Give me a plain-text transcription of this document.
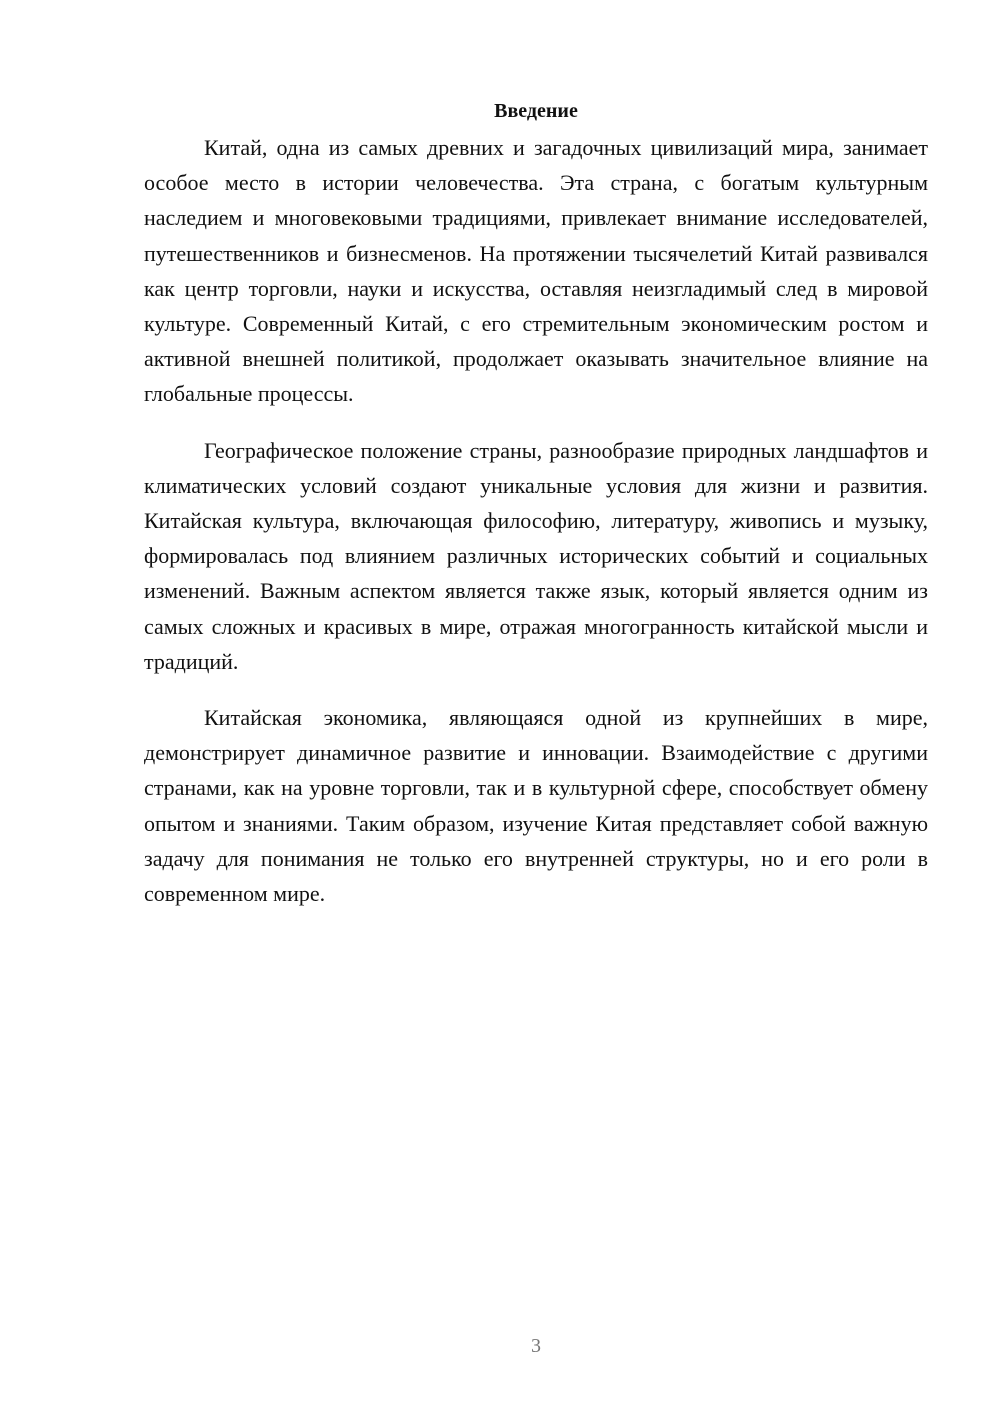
Введение

Китай, одна из самых древних и загадочных цивилизаций мира, занимает особое место в истории человечества. Эта страна, с богатым культурным наследием и многовековыми традициями, привлекает внимание исследователей, путешественников и бизнесменов. На протяжении тысячелетий Китай развивался как центр торговли, науки и искусства, оставляя неизгладимый след в мировой культуре. Современный Китай, с его стремительным экономическим ростом и активной внешней политикой, продолжает оказывать значительное влияние на глобальные процессы.

Географическое положение страны, разнообразие природных ландшафтов и климатических условий создают уникальные условия для жизни и развития. Китайская культура, включающая философию, литературу, живопись и музыку, формировалась под влиянием различных исторических событий и социальных изменений. Важным аспектом является также язык, который является одним из самых сложных и красивых в мире, отражая многогранность китайской мысли и традиций.

Китайская экономика, являющаяся одной из крупнейших в мире, демонстрирует динамичное развитие и инновации. Взаимодействие с другими странами, как на уровне торговли, так и в культурной сфере, способствует обмену опытом и знаниями. Таким образом, изучение Китая представляет собой важную задачу для понимания не только его внутренней структуры, но и его роли в современном мире.

3
